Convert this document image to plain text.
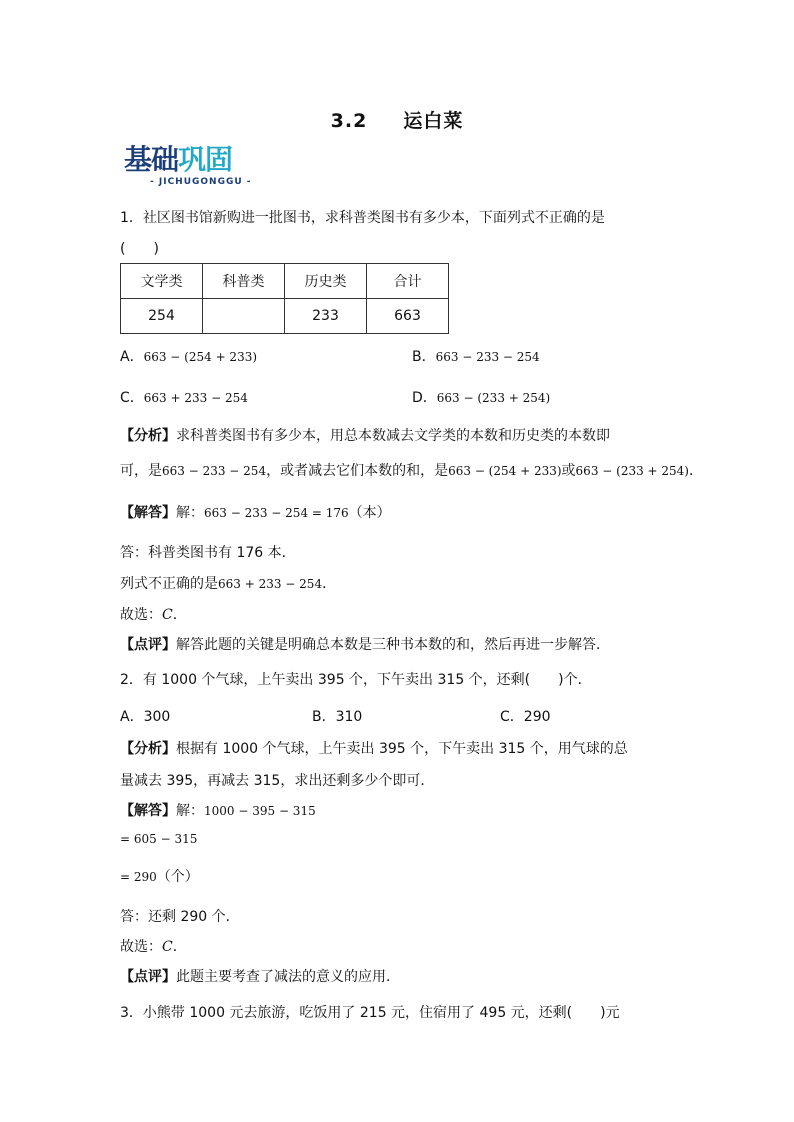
3.2 运白菜
基础巩固
- JICHUGONGGU -
1．社区图书馆新购进一批图书，求科普类图书有多少本，下面列式不正确的是
(　　)
文学类	科普类	历史类	合计
254		233	663
A．663 − (254 + 233)	B．663 − 233 − 254
C．663 + 233 − 254	D．663 − (233 + 254)
【分析】求科普类图书有多少本，用总本数减去文学类的本数和历史类的本数即
可，是663 − 233 − 254，或者减去它们本数的和，是663 − (254 + 233)或663 − (233 + 254)．
【解答】解：663 − 233 − 254 = 176（本）
答：科普类图书有 176 本．
列式不正确的是663 + 233 − 254．
故选：C．
【点评】解答此题的关键是明确总本数是三种书本数的和，然后再进一步解答．
2．有 1000 个气球，上午卖出 395 个，下午卖出 315 个，还剩(　　)个．
A．300	B．310	C．290
【分析】根据有 1000 个气球，上午卖出 395 个，下午卖出 315 个，用气球的总
量减去 395，再减去 315，求出还剩多少个即可．
【解答】解：1000 − 395 − 315
= 605 − 315
= 290（个）
答：还剩 290 个．
故选：C．
【点评】此题主要考查了减法的意义的应用．
3．小熊带 1000 元去旅游，吃饭用了 215 元，住宿用了 495 元，还剩(　　)元
